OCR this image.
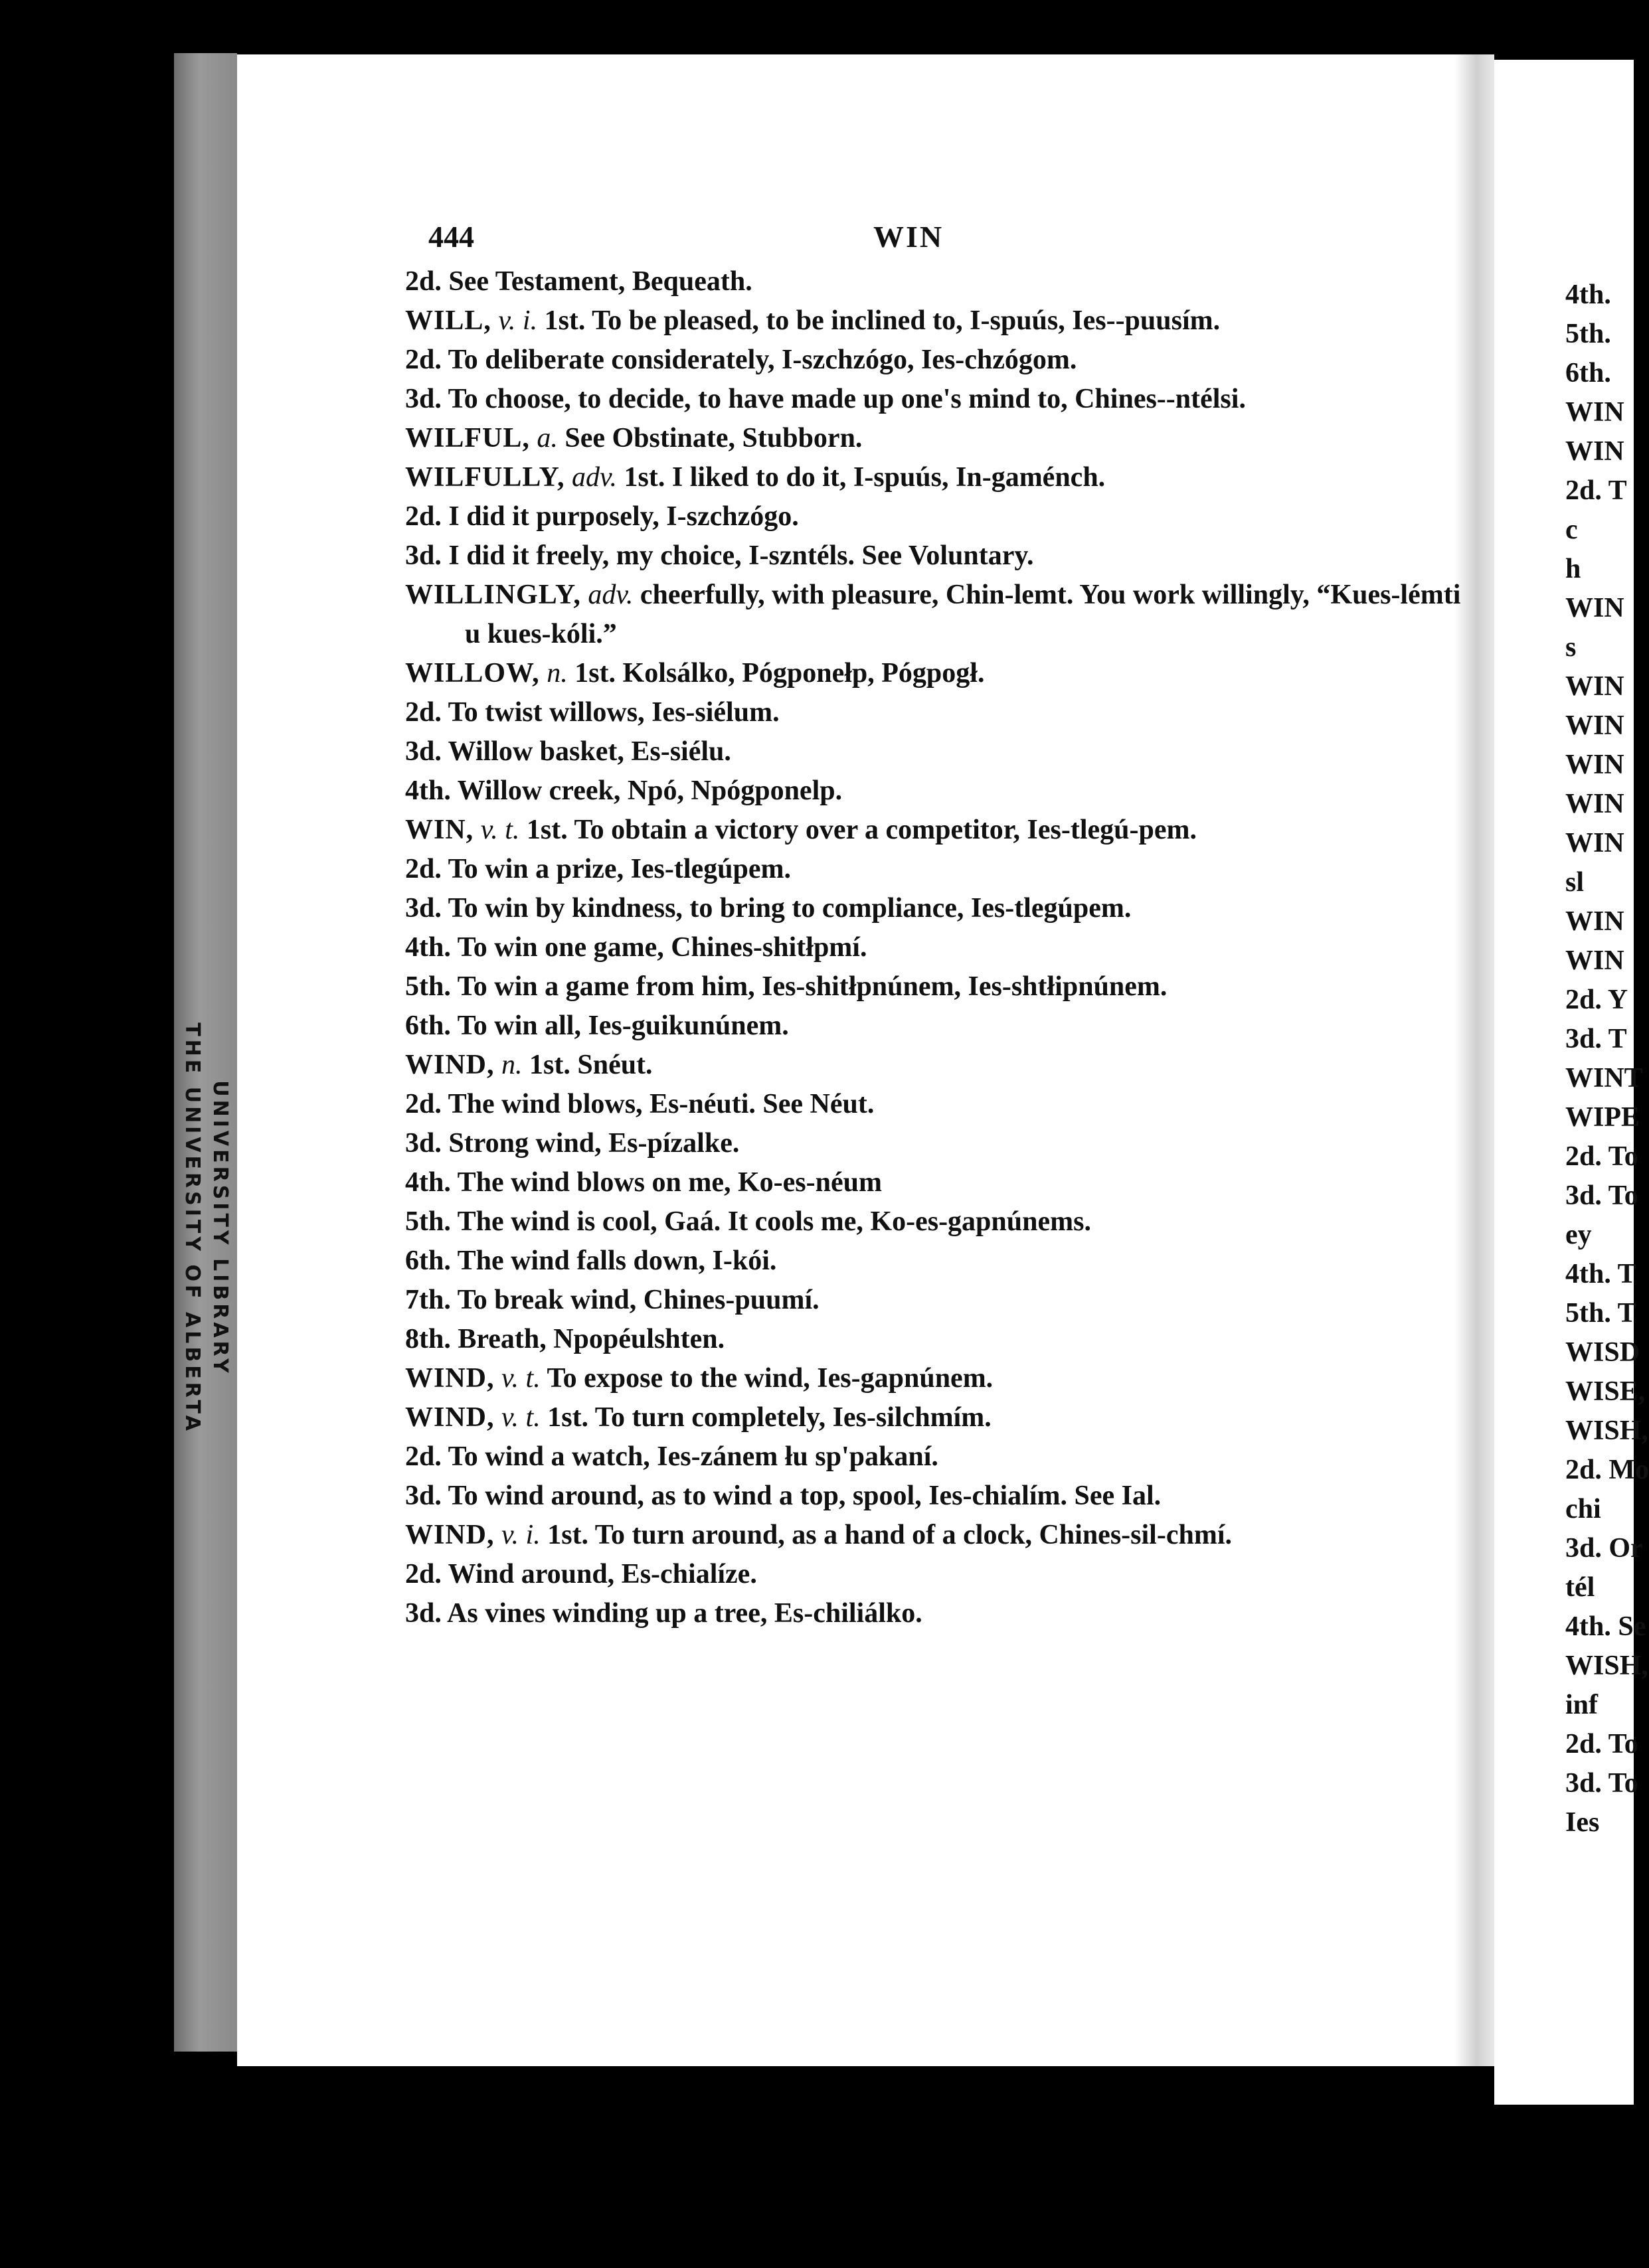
UNIVERSITY LIBRARY
THE UNIVERSITY OF ALBERTA
444	WIN
2d. See Testament, Bequeath.
WILL, v. i. 1st. To be pleased, to be inclined to, I-spuús, Ies--puusím.
2d. To deliberate considerately, I-szchzógo, Ies-chzógom.
3d. To choose, to decide, to have made up one's mind to, Chines--ntélsi.
WILFUL, a. See Obstinate, Stubborn.
WILFULLY, adv. 1st. I liked to do it, I-spuús, In-gaménch.
2d. I did it purposely, I-szchzógo.
3d. I did it freely, my choice, I-szntéls. See Voluntary.
WILLINGLY, adv. cheerfully, with pleasure, Chin-lemt. You work willingly, “Kues-lémti u kues-kóli.”
WILLOW, n. 1st. Kolsálko, Pógponełp, Pógpogł.
2d. To twist willows, Ies-siélum.
3d. Willow basket, Es-siélu.
4th. Willow creek, Npó, Npógponelp.
WIN, v. t. 1st. To obtain a victory over a competitor, Ies-tlegú-pem.
2d. To win a prize, Ies-tlegúpem.
3d. To win by kindness, to bring to compliance, Ies-tlegúpem.
4th. To win one game, Chines-shitłpmí.
5th. To win a game from him, Ies-shitłpnúnem, Ies-shtłipnúnem.
6th. To win all, Ies-guikunúnem.
WIND, n. 1st. Snéut.
2d. The wind blows, Es-néuti. See Néut.
3d. Strong wind, Es-pízalke.
4th. The wind blows on me, Ko-es-néum
5th. The wind is cool, Gaá. It cools me, Ko-es-gapnúnems.
6th. The wind falls down, I-kói.
7th. To break wind, Chines-puumí.
8th. Breath, Npopéulshten.
WIND, v. t. To expose to the wind, Ies-gapnúnem.
WIND, v. t. 1st. To turn completely, Ies-silchmím.
2d. To wind a watch, Ies-zánem łu sp'pakaní.
3d. To wind around, as to wind a top, spool, Ies-chialím. See Ial.
WIND, v. i. 1st. To turn around, as a hand of a clock, Chines-sil-chmí.
2d. Wind around, Es-chialíze.
3d. As vines winding up a tree, Es-chiliálko.
4th.
5th.
6th.
WIN
WIN
2d. T
c
h
WIN
s
WIN
WIN
WIN
WIN
WIN
sl
WIN
WIN
2d. Y
3d. T
WINT
WIPE
2d. To
3d. To
ey
4th. T
5th. T
WISD
WISE,
WISH,
2d. Mo
chi
3d. Or
tél
4th. Se
WISH,
inf
2d. To
3d. To
Ies
